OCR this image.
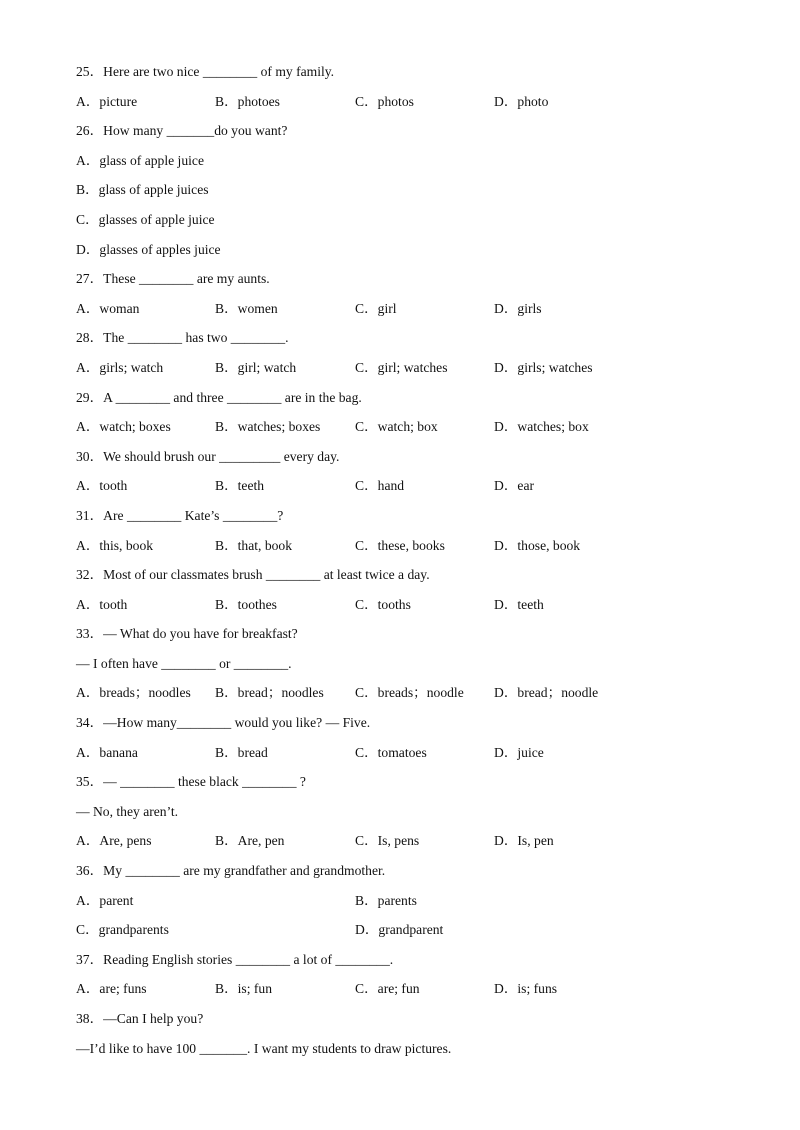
25．Here are two nice ________ of my family.
A．picture	B．photoes	C．photos	D．photo
26．How many _______do you want?
A．glass of apple juice
B．glass of apple juices
C．glasses of apple juice
D．glasses of apples juice
27．These ________ are my aunts.
A．woman	B．women	C．girl	D．girls
28．The ________ has two ________.
A．girls; watch	B．girl; watch	C．girl; watches	D．girls; watches
29．A ________ and three ________ are in the bag.
A．watch; boxes	B．watches; boxes	C．watch; box	D．watches; box
30．We should brush our _________ every day.
A．tooth	B．teeth	C．hand	D．ear
31．Are ________ Kate’s ________?
A．this, book	B．that, book	C．these, books	D．those, book
32．Most of our classmates brush ________ at least twice a day.
A．tooth	B．toothes	C．tooths	D．teeth
33．— What do you have for breakfast?
— I often have ________ or ________.
A．breads；noodles B．bread；noodles C．breads；noodle D．bread；noodle
34．—How many________ would you like? — Five.
A．banana	B．bread	C．tomatoes	D．juice
35．— ________ these black ________ ?
— No, they aren’t.
A．Are, pens	B．Are, pen	C．Is, pens	D．Is, pen
36．My ________ are my grandfather and grandmother.
A．parent	B．parents
C．grandparents	D．grandparent
37．Reading English stories ________ a lot of ________.
A．are; funs	B．is; fun	C．are; fun	D．is; funs
38．—Can I help you?
—I’d like to have 100 _______. I want my students to draw pictures.
